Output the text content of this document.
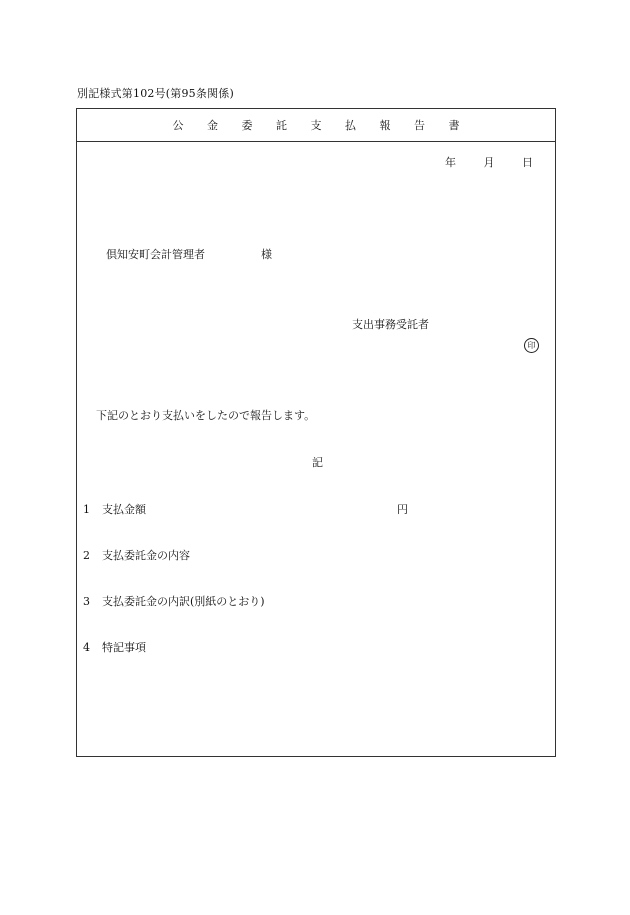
別記様式第102号(第95条関係)
公 金 委 託 支 払 報 告 書
年	月	日
倶知安町会計管理者	様
支出事務受託者
印
下記のとおり支払いをしたので報告します。
記
1 支払金額	円
2 支払委託金の内容
3 支払委託金の内訳(別紙のとおり)
4 特記事項
